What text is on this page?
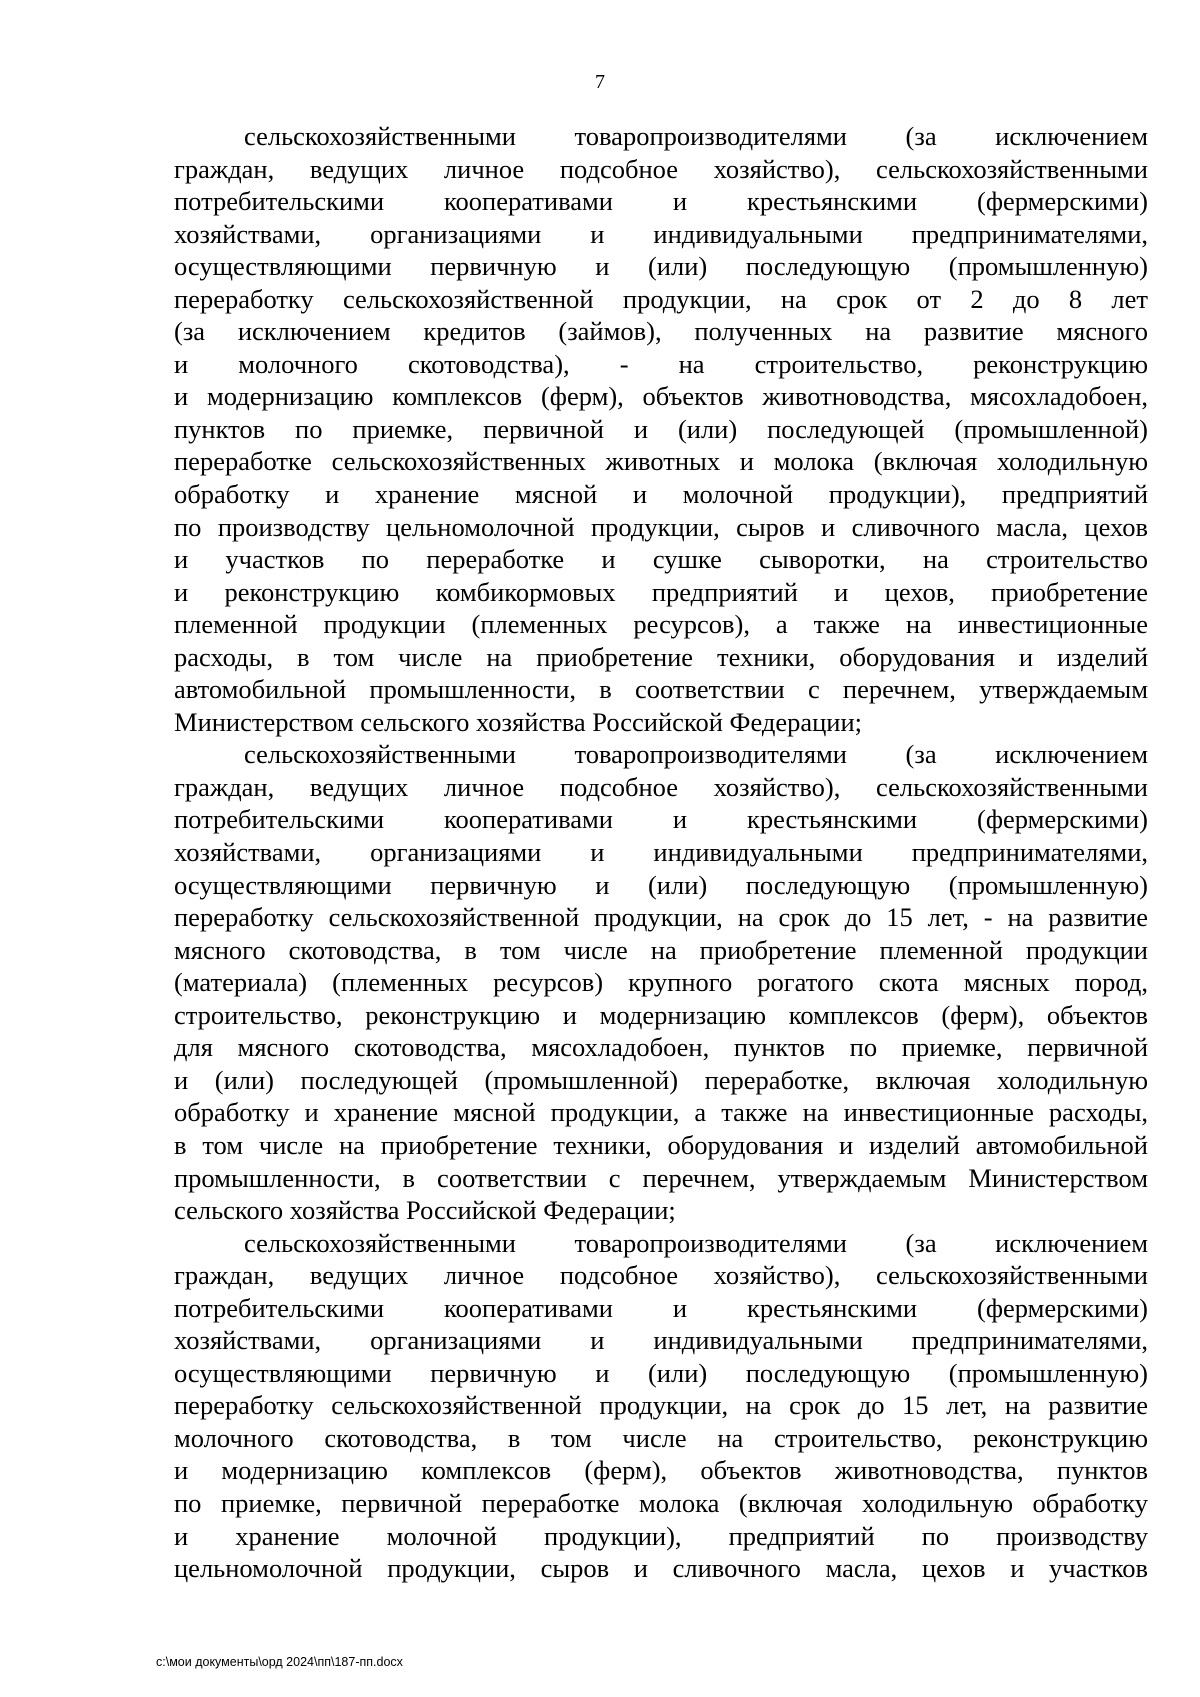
7
сельскохозяйственными товаропроизводителями (за исключением
граждан, ведущих личное подсобное хозяйство), сельскохозяйственными
потребительскими кооперативами и крестьянскими (фермерскими)
хозяйствами, организациями и индивидуальными предпринимателями,
осуществляющими первичную и (или) последующую (промышленную)
переработку сельскохозяйственной продукции, на срок от 2 до 8 лет
(за исключением кредитов (займов), полученных на развитие мясного
и молочного скотоводства), - на строительство, реконструкцию
и модернизацию комплексов (ферм), объектов животноводства, мясохладобоен,
пунктов по приемке, первичной и (или) последующей (промышленной)
переработке сельскохозяйственных животных и молока (включая холодильную
обработку и хранение мясной и молочной продукции), предприятий
по производству цельномолочной продукции, сыров и сливочного масла, цехов
и участков по переработке и сушке сыворотки, на строительство
и реконструкцию комбикормовых предприятий и цехов, приобретение
племенной продукции (племенных ресурсов), а также на инвестиционные
расходы, в том числе на приобретение техники, оборудования и изделий
автомобильной промышленности, в соответствии с перечнем, утверждаемым
Министерством сельского хозяйства Российской Федерации;
сельскохозяйственными товаропроизводителями (за исключением
граждан, ведущих личное подсобное хозяйство), сельскохозяйственными
потребительскими кооперативами и крестьянскими (фермерскими)
хозяйствами, организациями и индивидуальными предпринимателями,
осуществляющими первичную и (или) последующую (промышленную)
переработку сельскохозяйственной продукции, на срок до 15 лет, - на развитие
мясного скотоводства, в том числе на приобретение племенной продукции
(материала) (племенных ресурсов) крупного рогатого скота мясных пород,
строительство, реконструкцию и модернизацию комплексов (ферм), объектов
для мясного скотоводства, мясохладобоен, пунктов по приемке, первичной
и (или) последующей (промышленной) переработке, включая холодильную
обработку и хранение мясной продукции, а также на инвестиционные расходы,
в том числе на приобретение техники, оборудования и изделий автомобильной
промышленности, в соответствии с перечнем, утверждаемым Министерством
сельского хозяйства Российской Федерации;
сельскохозяйственными товаропроизводителями (за исключением
граждан, ведущих личное подсобное хозяйство), сельскохозяйственными
потребительскими кооперативами и крестьянскими (фермерскими)
хозяйствами, организациями и индивидуальными предпринимателями,
осуществляющими первичную и (или) последующую (промышленную)
переработку сельскохозяйственной продукции, на срок до 15 лет, на развитие
молочного скотоводства, в том числе на строительство, реконструкцию
и модернизацию комплексов (ферм), объектов животноводства, пунктов
по приемке, первичной переработке молока (включая холодильную обработку
и хранение молочной продукции), предприятий по производству
цельномолочной продукции, сыров и сливочного масла, цехов и участков
c:\мои документы\орд 2024\пп\187-пп.docx
